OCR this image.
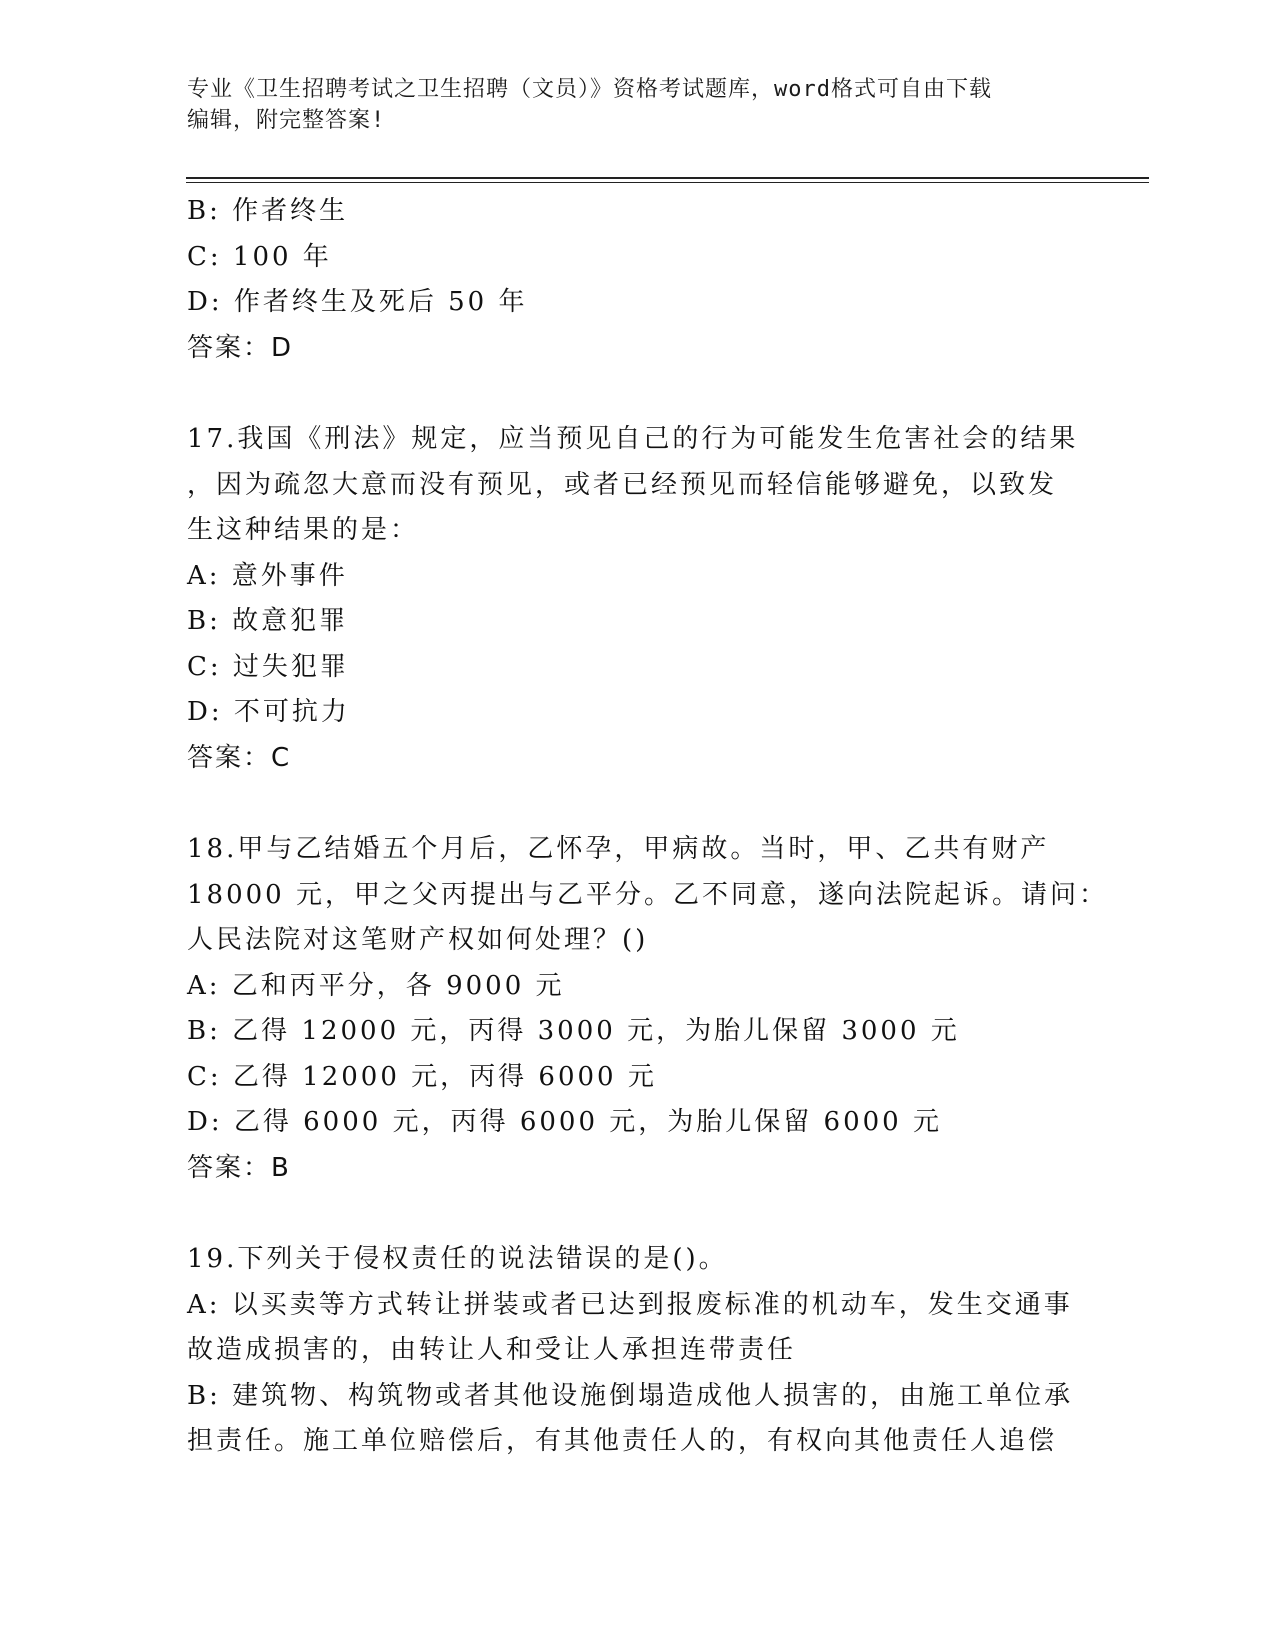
专业《卫生招聘考试之卫生招聘（文员）》资格考试题库，word格式可自由下载
编辑，附完整答案!
B: 作者终生
C: 100 年
D: 作者终生及死后 50 年
答案：D
17.我国《刑法》规定，应当预见自己的行为可能发生危害社会的结果
，因为疏忽大意而没有预见，或者已经预见而轻信能够避免，以致发
生这种结果的是：
A: 意外事件
B: 故意犯罪
C: 过失犯罪
D: 不可抗力
答案：C
18.甲与乙结婚五个月后，乙怀孕，甲病故。当时，甲、乙共有财产
18000 元，甲之父丙提出与乙平分。乙不同意，遂向法院起诉。请问：
人民法院对这笔财产权如何处理？()
A: 乙和丙平分，各 9000 元
B: 乙得 12000 元，丙得 3000 元，为胎儿保留 3000 元
C: 乙得 12000 元，丙得 6000 元
D: 乙得 6000 元，丙得 6000 元，为胎儿保留 6000 元
答案：B
19.下列关于侵权责任的说法错误的是()。
A: 以买卖等方式转让拼装或者已达到报废标准的机动车，发生交通事
故造成损害的，由转让人和受让人承担连带责任
B: 建筑物、构筑物或者其他设施倒塌造成他人损害的，由施工单位承
担责任。施工单位赔偿后，有其他责任人的，有权向其他责任人追偿
